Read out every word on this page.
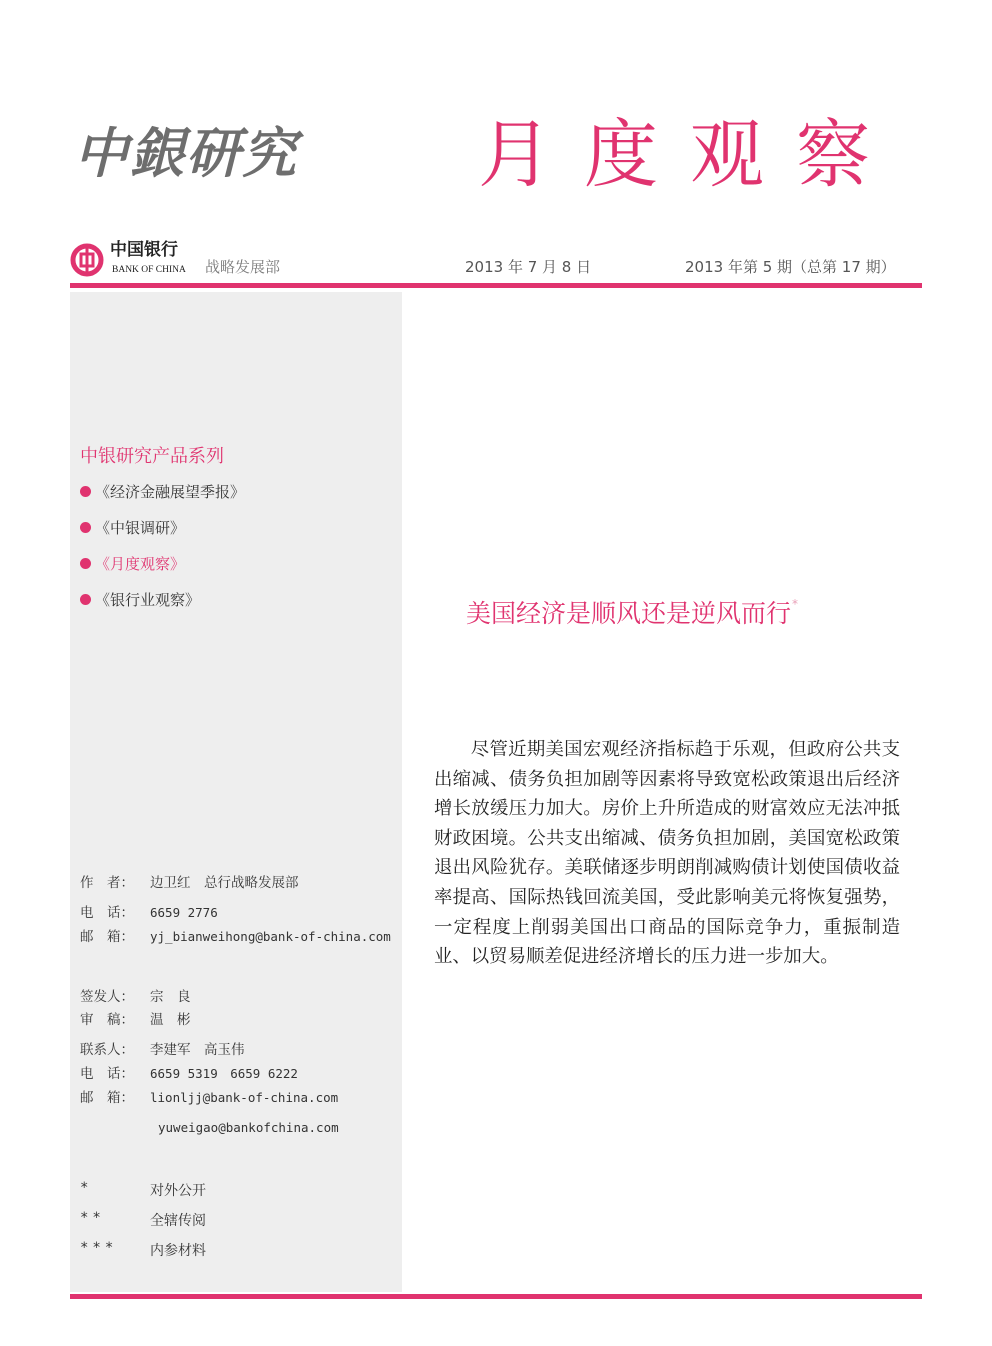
中銀研究 月度观察
中国银行
BANK OF CHINA 战略发展部	2013 年 7 月 8 日	2013 年第 5 期（总第 17 期）
中银研究产品系列
《经济金融展望季报》
《中银调研》
《月度观察》
《银行业观察》
作　者：	边卫红　总行战略发展部
电　话：	6659 2776
邮　箱：	yj_bianweihong@bank-of-china.com
签发人：	宗　良
审　稿：	温　彬
联系人：	李建军　高玉伟
电　话：	6659 5319　6659 6222
邮　箱：	lionljj@bank-of-china.com
yuweigao@bankofchina.com
*	对外公开
**	全辖传阅
***	内参材料
美国经济是顺风还是逆风而行*

尽管近期美国宏观经济指标趋于乐观，但政府公共支出缩减、债务负担加剧等因素将导致宽松政策退出后经济增长放缓压力加大。房价上升所造成的财富效应无法冲抵财政困境。公共支出缩减、债务负担加剧，美国宽松政策退出风险犹存。美联储逐步明朗削减购债计划使国债收益率提高、国际热钱回流美国，受此影响美元将恢复强势，一定程度上削弱美国出口商品的国际竞争力，重振制造业、以贸易顺差促进经济增长的压力进一步加大。
